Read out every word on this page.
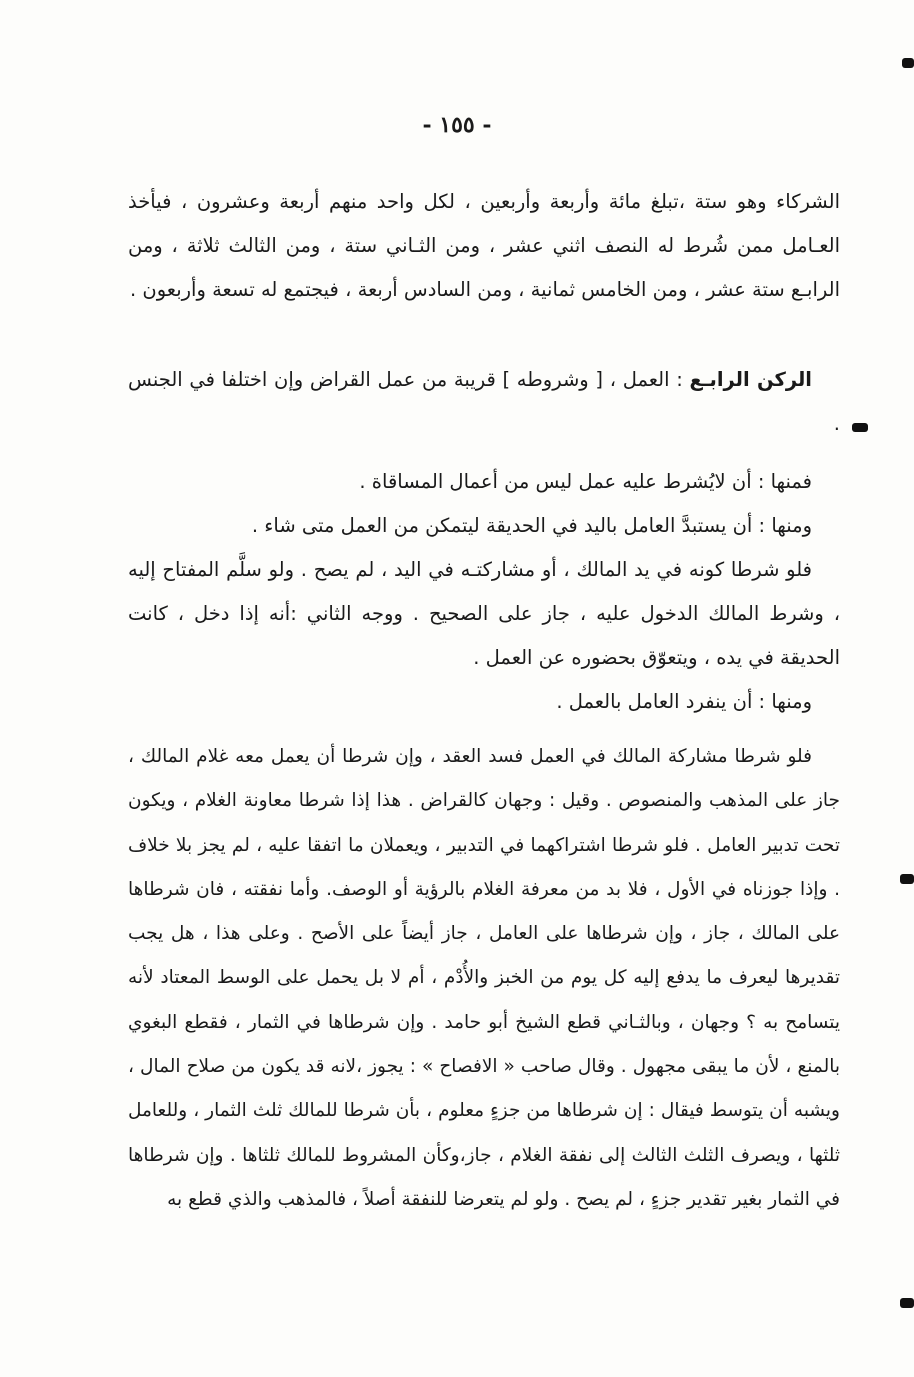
- ١٥٥ -

الشركاء وهو ستة ،تبلغ مائة وأربعة وأربعين ، لكل واحد منهم أربعة وعشرون ، فيأخذ العـامل ممن شُرط له النصف اثني عشر ، ومن الثـاني ستة ، ومن الثالث ثلاثة ، ومن الرابـع ستة عشر ، ومن الخامس ثمانية ، ومن السادس أربعة ، فيجتمع له تسعة وأربعون .

الركن الرابـع : العمل ، [ وشروطه ] قريبة من عمل القراض وإن اختلفا في الجنس .

فمنها : أن لايُشرط عليه عمل ليس من أعمال المساقاة .

ومنها : أن يستبدَّ العامل باليد في الحديقة ليتمكن من العمل متى شاء .

فلو شرطا كونه في يد المالك ، أو مشاركتـه في اليد ، لم يصح . ولو سلَّم المفتاح إليه ، وشرط المالك الدخول عليه ، جاز على الصحيح . ووجه الثاني :أنه إذا دخل ، كانت الحديقة في يده ، ويتعوّق بحضوره عن العمل .

ومنها : أن ينفرد العامل بالعمل .

فلو شرطا مشاركة المالك في العمل فسد العقد ، وإن شرطا أن يعمل معه غلام المالك ، جاز على المذهب والمنصوص . وقيل : وجهان كالقراض . هذا إذا شرطا معاونة الغلام ، ويكون تحت تدبير العامل . فلو شرطا اشتراكهما في التدبير ، ويعملان ما اتفقا عليه ، لم يجز بلا خلاف . وإذا جوزناه في الأول ، فلا بد من معرفة الغلام بالرؤية أو الوصف. وأما نفقته ، فان شرطاها على المالك ، جاز ، وإن شرطاها على العامل ، جاز أيضاً على الأصح . وعلى هذا ، هل يجب تقديرها ليعرف ما يدفع إليه كل يوم من الخبز والأُدْم ، أم لا بل يحمل على الوسط المعتاد لأنه يتسامح به ؟ وجهان ، وبالثـاني قطع الشيخ أبو حامد . وإن شرطاها في الثمار ، فقطع البغوي بالمنع ، لأن ما يبقى مجهول . وقال صاحب « الافصاح » : يجوز ،لانه قد يكون من صلاح المال ، ويشبه أن يتوسط فيقال : إن شرطاها من جزءٍ معلوم ، بأن شرطا للمالك ثلث الثمار ، وللعامل ثلثها ، ويصرف الثلث الثالث إلى نفقة الغلام ، جاز،وكأن المشروط للمالك ثلثاها . وإن شرطاها في الثمار بغير تقدير جزءٍ ، لم يصح . ولو لم يتعرضا للنفقة أصلاً ، فالمذهب والذي قطع به
